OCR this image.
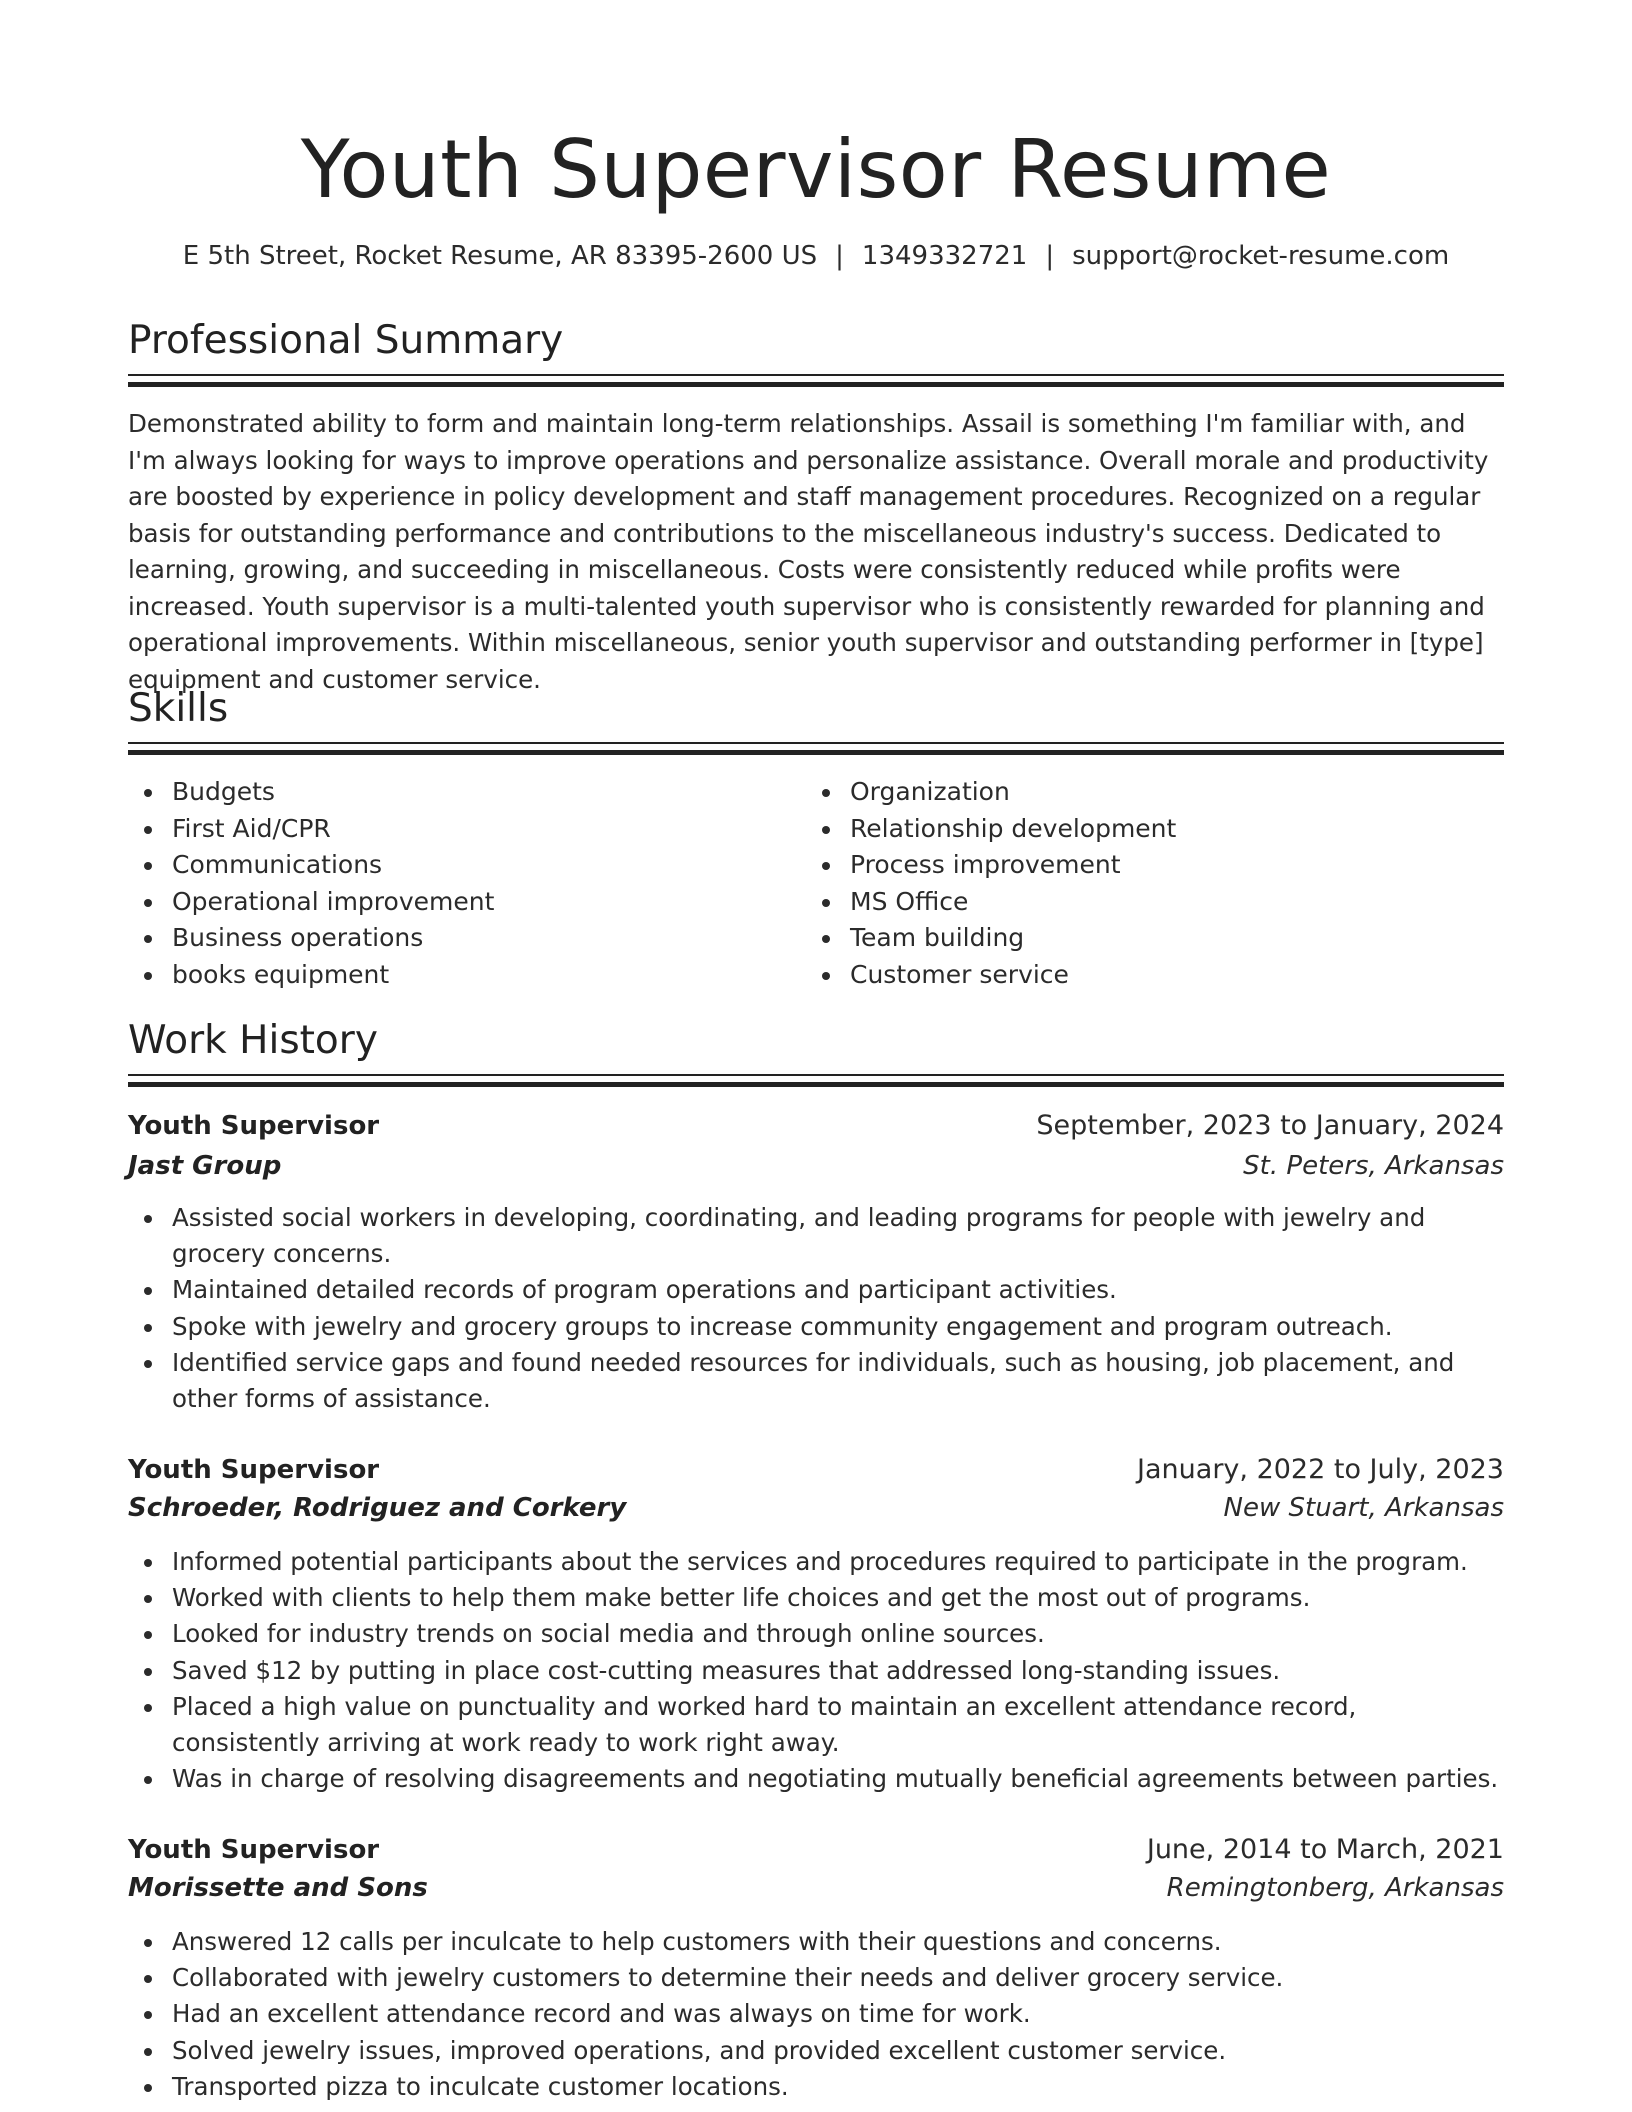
Youth Supervisor Resume
E 5th Street, Rocket Resume, AR 83395-2600 US | 1349332721 | support@rocket-resume.com
Professional Summary

Demonstrated ability to form and maintain long-term relationships. Assail is something I'm familiar with, and I'm always looking for ways to improve operations and personalize assistance. Overall morale and productivity are boosted by experience in policy development and staff management procedures. Recognized on a regular basis for outstanding performance and contributions to the miscellaneous industry's success. Dedicated to learning, growing, and succeeding in miscellaneous. Costs were consistently reduced while profits were increased. Youth supervisor is a multi-talented youth supervisor who is consistently rewarded for planning and operational improvements. Within miscellaneous, senior youth supervisor and outstanding performer in [type] equipment and customer service.

Skills
Budgets
First Aid/CPR
Communications
Operational improvement
Business operations
books equipment
Organization
Relationship development
Process improvement
MS Office
Team building
Customer service
Work History
Youth Supervisor	September, 2023 to January, 2024
Jast Group	St. Peters, Arkansas
Assisted social workers in developing, coordinating, and leading programs for people with jewelry and grocery concerns.
Maintained detailed records of program operations and participant activities.
Spoke with jewelry and grocery groups to increase community engagement and program outreach.
Identified service gaps and found needed resources for individuals, such as housing, job placement, and other forms of assistance.
Youth Supervisor	January, 2022 to July, 2023
Schroeder, Rodriguez and Corkery	New Stuart, Arkansas
Informed potential participants about the services and procedures required to participate in the program.
Worked with clients to help them make better life choices and get the most out of programs.
Looked for industry trends on social media and through online sources.
Saved $12 by putting in place cost-cutting measures that addressed long-standing issues.
Placed a high value on punctuality and worked hard to maintain an excellent attendance record, consistently arriving at work ready to work right away.
Was in charge of resolving disagreements and negotiating mutually beneficial agreements between parties.
Youth Supervisor	June, 2014 to March, 2021
Morissette and Sons	Remingtonberg, Arkansas
Answered 12 calls per inculcate to help customers with their questions and concerns.
Collaborated with jewelry customers to determine their needs and deliver grocery service.
Had an excellent attendance record and was always on time for work.
Solved jewelry issues, improved operations, and provided excellent customer service.
Transported pizza to inculcate customer locations.
